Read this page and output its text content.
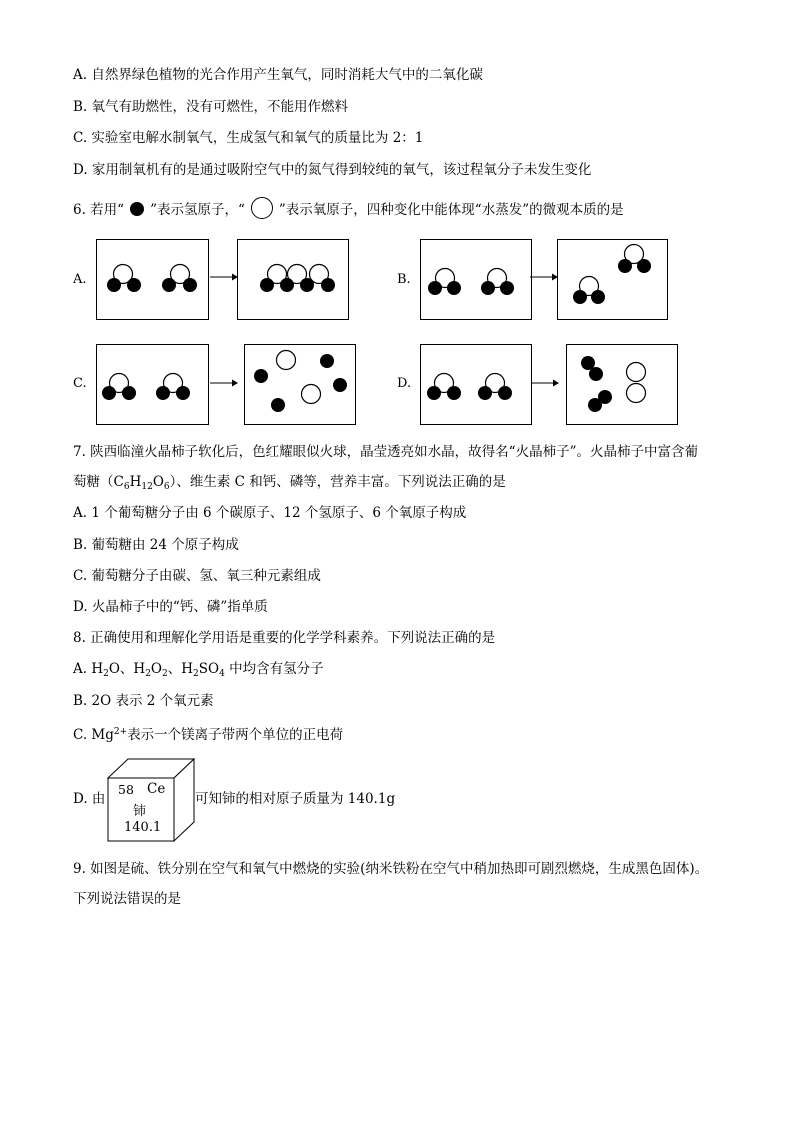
A. 自然界绿色植物的光合作用产生氧气，同时消耗大气中的二氧化碳
B. 氧气有助燃性，没有可燃性，不能用作燃料
C. 实验室电解水制氧气，生成氢气和氧气的质量比为 2：1
D. 家用制氧机有的是通过吸附空气中的氮气得到较纯的氧气，该过程氧分子未发生变化
6. 若用“ ”表示氢原子，“	”表示氧原子，四种变化中能体现“水蒸发”的微观本质的是
A.	B.
C.	D.
7. 陕西临潼火晶柿子软化后，色红耀眼似火球，晶莹透亮如水晶，故得名“火晶柿子”。火晶柿子中富含葡
萄糖$(C_6H_{12}O_6)$、维生素 C 和钙、磷等，营养丰富。下列说法正确的是
A. 1 个葡萄糖分子由 6 个碳原子、12 个氢原子、6 个氧原子构成
B. 葡萄糖由 24 个原子构成
C. 葡萄糖分子由碳、氢、氧三种元素组成
D. 火晶柿子中的“钙、磷”指单质
8. 正确使用和理解化学用语是重要的化学学科素养。下列说法正确的是
A. $H_2O$、$H_2O_2$、$H_2SO_4$ 中均含有氢分子
B. 2O 表示 2 个氧元素
C. $Mg^{2+}$表示一个镁离子带两个单位的正电荷
D. 由	可知铈的相对原子质量为 140.1g
58 Ce
铈
140.1
9. 如图是硫、铁分别在空气和氧气中燃烧的实验(纳米铁粉在空气中稍加热即可剧烈燃烧，生成黑色固体)。
下列说法错误的是
